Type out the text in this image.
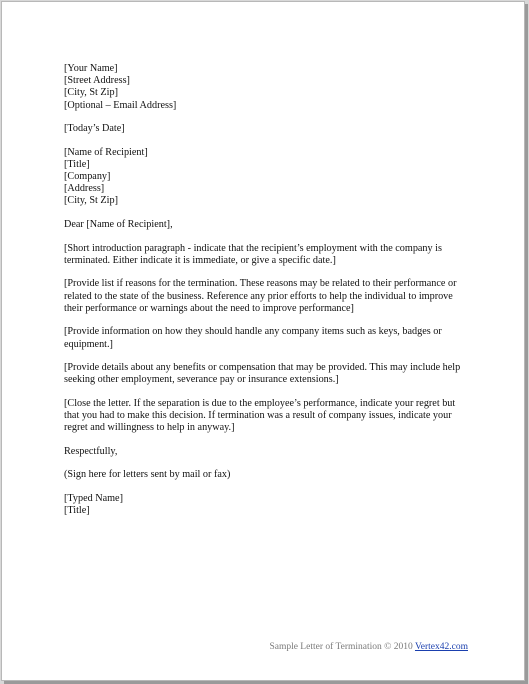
[Your Name]
[Street Address]
[City, St Zip]
[Optional – Email Address]
[Today’s Date]
[Name of Recipient]
[Title]
[Company]
[Address]
[City, St Zip]
Dear [Name of Recipient],
[Short introduction paragraph - indicate that the recipient’s employment with the company is
terminated. Either indicate it is immediate, or give a specific date.]
[Provide list if reasons for the termination. These reasons may be related to their performance or
related to the state of the business. Reference any prior efforts to help the individual to improve
their performance or warnings about the need to improve performance]
[Provide information on how they should handle any company items such as keys, badges or
equipment.]
[Provide details about any benefits or compensation that may be provided. This may include help
seeking other employment, severance pay or insurance extensions.]
[Close the letter. If the separation is due to the employee’s performance, indicate your regret but
that you had to make this decision. If termination was a result of company issues, indicate your
regret and willingness to help in anyway.]
Respectfully,
(Sign here for letters sent by mail or fax)
[Typed Name]
[Title]
Sample Letter of Termination © 2010 Vertex42.com
